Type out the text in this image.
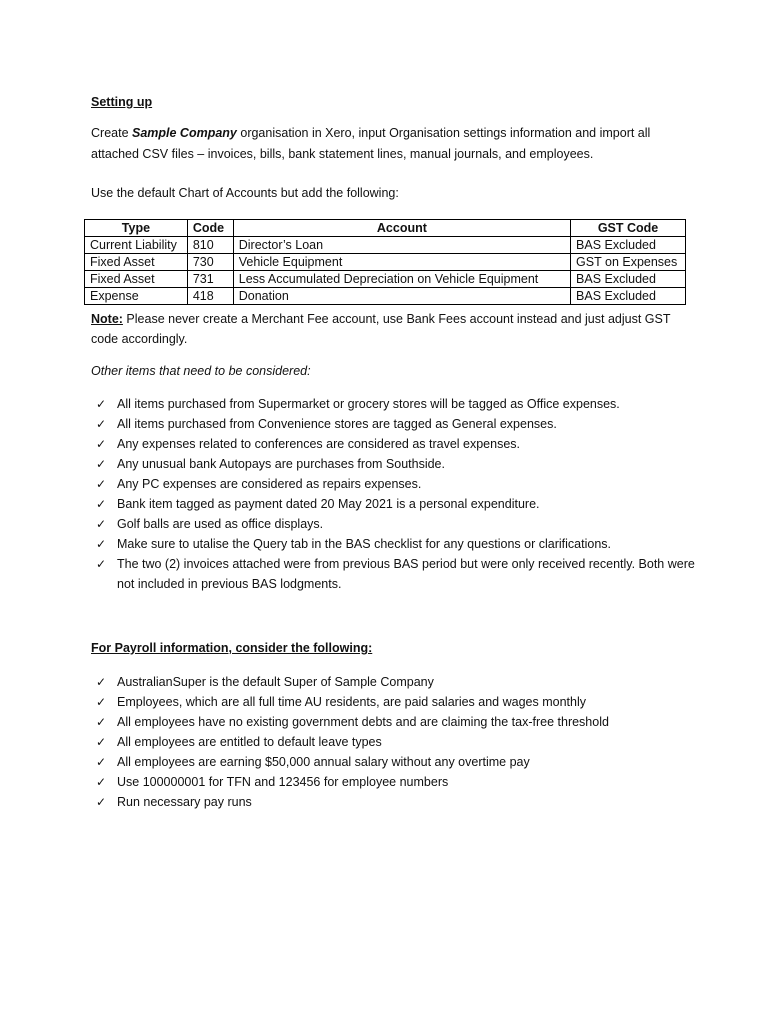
Setting up
Create Sample Company organisation in Xero, input Organisation settings information and import all attached CSV files – invoices, bills, bank statement lines, manual journals, and employees.
Use the default Chart of Accounts but add the following:
Type	Code	Account	GST Code
Current Liability	810	Director’s Loan	BAS Excluded
Fixed Asset	730	Vehicle Equipment	GST on Expenses
Fixed Asset	731	Less Accumulated Depreciation on Vehicle Equipment	BAS Excluded
Expense	418	Donation	BAS Excluded
Note: Please never create a Merchant Fee account, use Bank Fees account instead and just adjust GST code accordingly.
Other items that need to be considered:
✓ All items purchased from Supermarket or grocery stores will be tagged as Office expenses.
✓ All items purchased from Convenience stores are tagged as General expenses.
✓ Any expenses related to conferences are considered as travel expenses.
✓ Any unusual bank Autopays are purchases from Southside.
✓ Any PC expenses are considered as repairs expenses.
✓ Bank item tagged as payment dated 20 May 2021 is a personal expenditure.
✓ Golf balls are used as office displays.
✓ Make sure to utalise the Query tab in the BAS checklist for any questions or clarifications.
✓ The two (2) invoices attached were from previous BAS period but were only received recently. Both were not included in previous BAS lodgments.
For Payroll information, consider the following:
✓ AustralianSuper is the default Super of Sample Company
✓ Employees, which are all full time AU residents, are paid salaries and wages monthly
✓ All employees have no existing government debts and are claiming the tax-free threshold
✓ All employees are entitled to default leave types
✓ All employees are earning $50,000 annual salary without any overtime pay
✓ Use 100000001 for TFN and 123456 for employee numbers
✓ Run necessary pay runs
